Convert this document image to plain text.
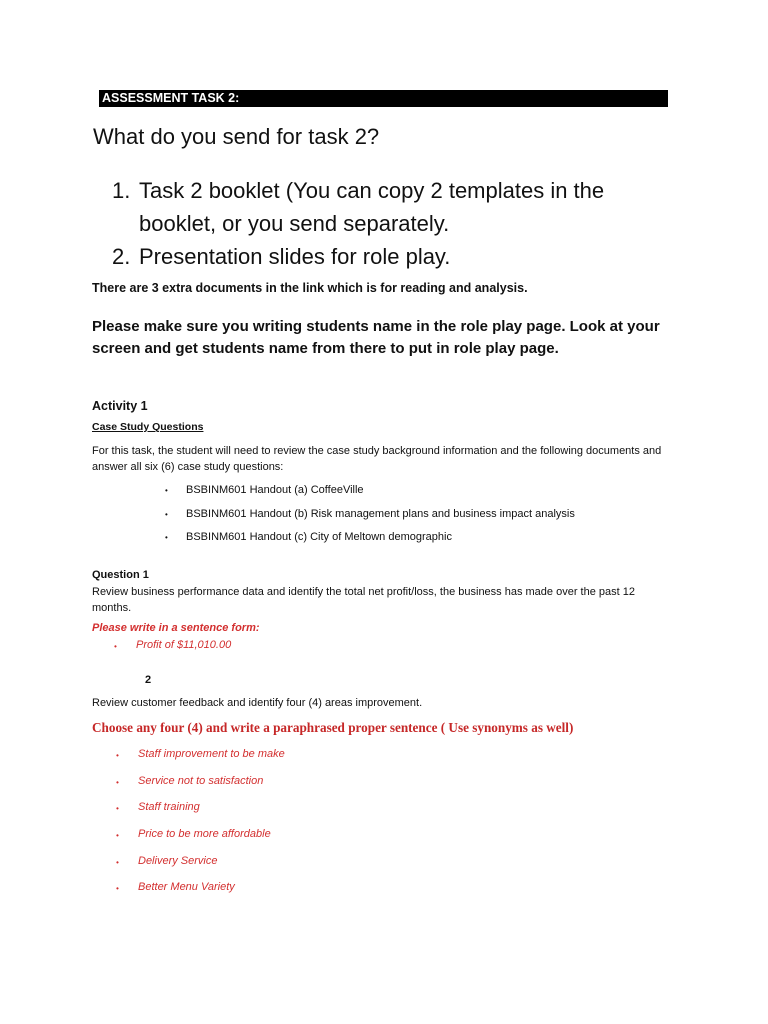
ASSESSMENT TASK 2:
What do you send for task 2?
1. Task 2 booklet (You can copy 2 templates in the booklet, or you send separately.
2. Presentation slides for role play.

There are 3 extra documents in the link which is for reading and analysis.

Please make sure you writing students name in the role play page. Look at your screen and get students name from there to put in role play page.

Activity 1

Case Study Questions

For this task, the student will need to review the case study background information and the following documents and answer all six (6) case study questions:

•	BSBINM601 Handout (a) CoffeeVille
•	BSBINM601 Handout (b) Risk management plans and business impact analysis
•	BSBINM601 Handout (c) City of Meltown demographic

Question 1

Review business performance data and identify the total net profit/loss, the business has made over the past 12 months.

Please write in a sentence form:

•	Profit of $11,010.00

2

Review customer feedback and identify four (4) areas improvement.

Choose any four (4) and write a paraphrased proper sentence ( Use synonyms as well)

•	Staff improvement to be make
•	Service not to satisfaction
•	Staff training
•	Price to be more affordable
•	Delivery Service
•	Better Menu Variety
